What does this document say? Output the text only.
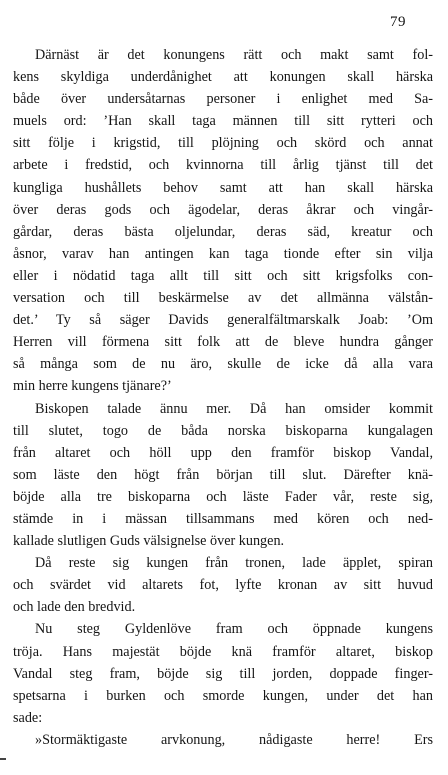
79
Därnäst är det konungens rätt och makt samt fol-
kens skyldiga underdånighet att konungen skall härska
både över undersåtarnas personer i enlighet med Sa-
muels ord: ’Han skall taga männen till sitt rytteri och
sitt följe i krigstid, till plöjning och skörd och annat
arbete i fredstid, och kvinnorna till årlig tjänst till det
kungliga hushållets behov samt att han skall härska
över deras gods och ägodelar, deras åkrar och vingår-
gårdar, deras bästa oljelundar, deras säd, kreatur och
åsnor, varav han antingen kan taga tionde efter sin vilja
eller i nödatid taga allt till sitt och sitt krigsfolks con-
versation och till beskärmelse av det allmänna välstån-
det.’ Ty så säger Davids generalfältmarskalk Joab: ’Om
Herren vill förmena sitt folk att de bleve hundra gånger
så många som de nu äro, skulle de icke då alla vara
min herre kungens tjänare?’
Biskopen talade ännu mer. Då han omsider kommit
till slutet, togo de båda norska biskoparna kungalagen
från altaret och höll upp den framför biskop Vandal,
som läste den högt från början till slut. Därefter knä-
böjde alla tre biskoparna och läste Fader vår, reste sig,
stämde in i mässan tillsammans med kören och ned-
kallade slutligen Guds välsignelse över kungen.
Då reste sig kungen från tronen, lade äpplet, spiran
och svärdet vid altarets fot, lyfte kronan av sitt huvud
och lade den bredvid.
Nu steg Gyldenlöve fram och öppnade kungens
tröja. Hans majestät böjde knä framför altaret, biskop
Vandal steg fram, böjde sig till jorden, doppade finger-
spetsarna i burken och smorde kungen, under det han
sade:
»Stormäktigaste arvkonung, nådigaste herre! Ers
